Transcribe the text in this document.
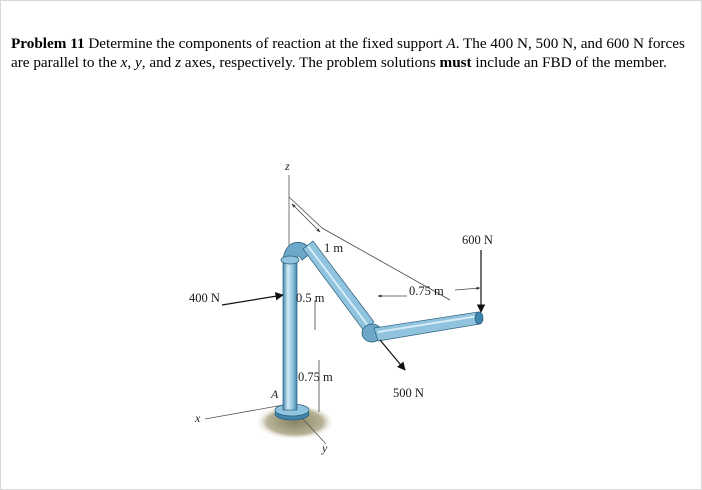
Problem 11 Determine the components of reaction at the fixed support A. The 400 N, 500 N, and 600 N forces are parallel to the x, y, and z axes, respectively. The problem solutions must include an FBD of the member.

400 N
500 N
600 N
1 m
0.5 m
0.75 m
0.75 m
z
x
y
A
